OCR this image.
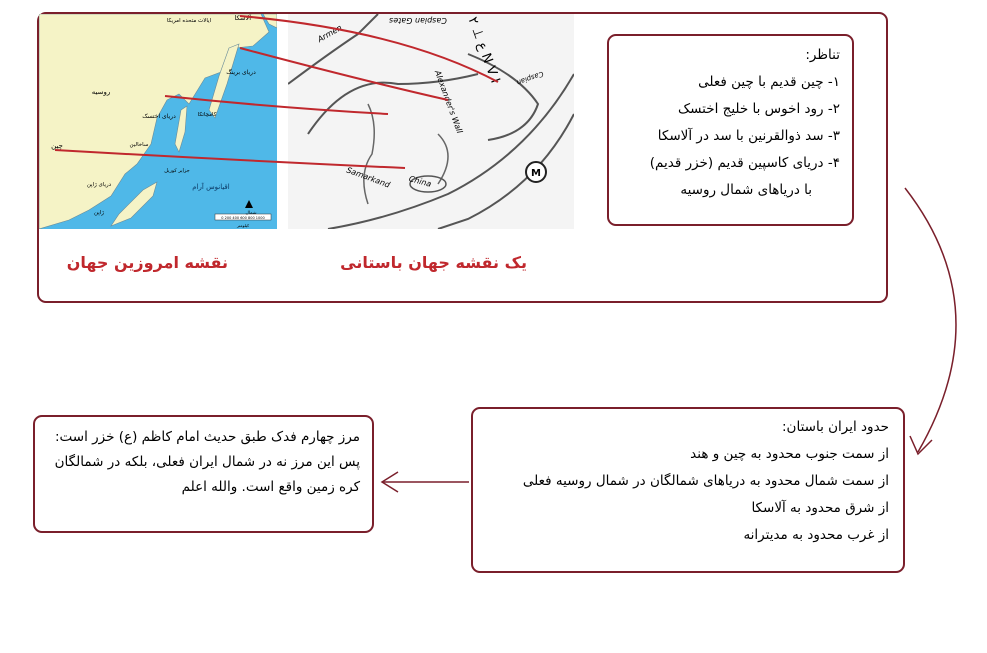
آلاسکا
ایالات متحده امریکا
دریای برینگ
روسیه
کامچاتکا
دریای اختسک
ساخالین
چین
اقیانوس آرام
دریای ژاپن
ژاپن
جزایر کوریل
شمال
0 200 400 600 800 1000
کیلومتر
M
Caspian Gates
Caspian
Armen
Alexander's Wall
Samarkand China
ع ⊥ ٢ N V I
نقشه امروزین جهان	یک نقشه جهان باستانی
تناظر:
١- چین قدیم با چین فعلی
٢- رود اخوس با خلیج اختسک
٣- سد ذوالقرنین با سد در آلاسکا
۴- دریای کاسپین قدیم (خزر قدیم)
با دریاهای شمال روسیه
حدود ایران باستان:
از سمت جنوب محدود به چین و هند
از سمت شمال محدود به دریاهای شمالگان در شمال روسیه فعلی
از شرق محدود به آلاسکا
از غرب محدود به مدیترانه
مرز چهارم فدک طبق حدیث امام کاظم (ع) خزر است:
پس این مرز نه در شمال ایران فعلی، بلکه در شمالگان
کره زمین واقع است. والله اعلم
